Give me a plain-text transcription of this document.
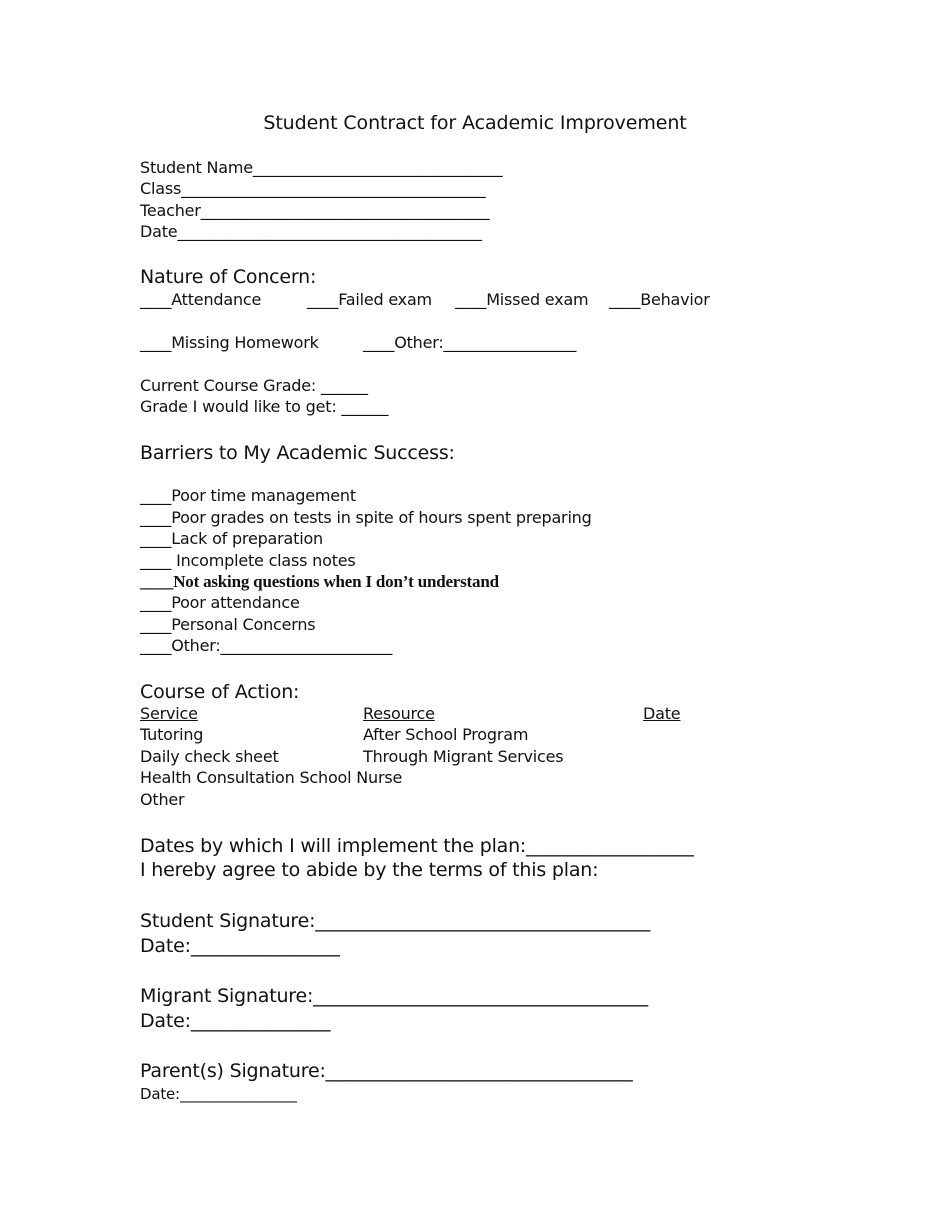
Student Contract for Academic Improvement
Student Name________________________________
Class_______________________________________
Teacher_____________________________________
Date_______________________________________
Nature of Concern:
____Attendance	____Failed exam ____Missed exam ____Behavior
____Missing Homework	____Other:_________________
Current Course Grade: ______
Grade I would like to get: ______
Barriers to My Academic Success:
____Poor time management
____Poor grades on tests in spite of hours spent preparing
____Lack of preparation
____ Incomplete class notes
____Not asking questions when I don’t understand
____Poor attendance
____Personal Concerns
____Other:______________________
Course of Action:
Service	Resource	Date
Tutoring	After School Program
Daily check sheet	Through Migrant Services
Health Consultation School Nurse
Other
Dates by which I will implement the plan:__________________
I hereby agree to abide by the terms of this plan:
Student Signature:____________________________________
Date:________________
Migrant Signature:____________________________________
Date:_______________
Parent(s) Signature:_________________________________
Date:________________
